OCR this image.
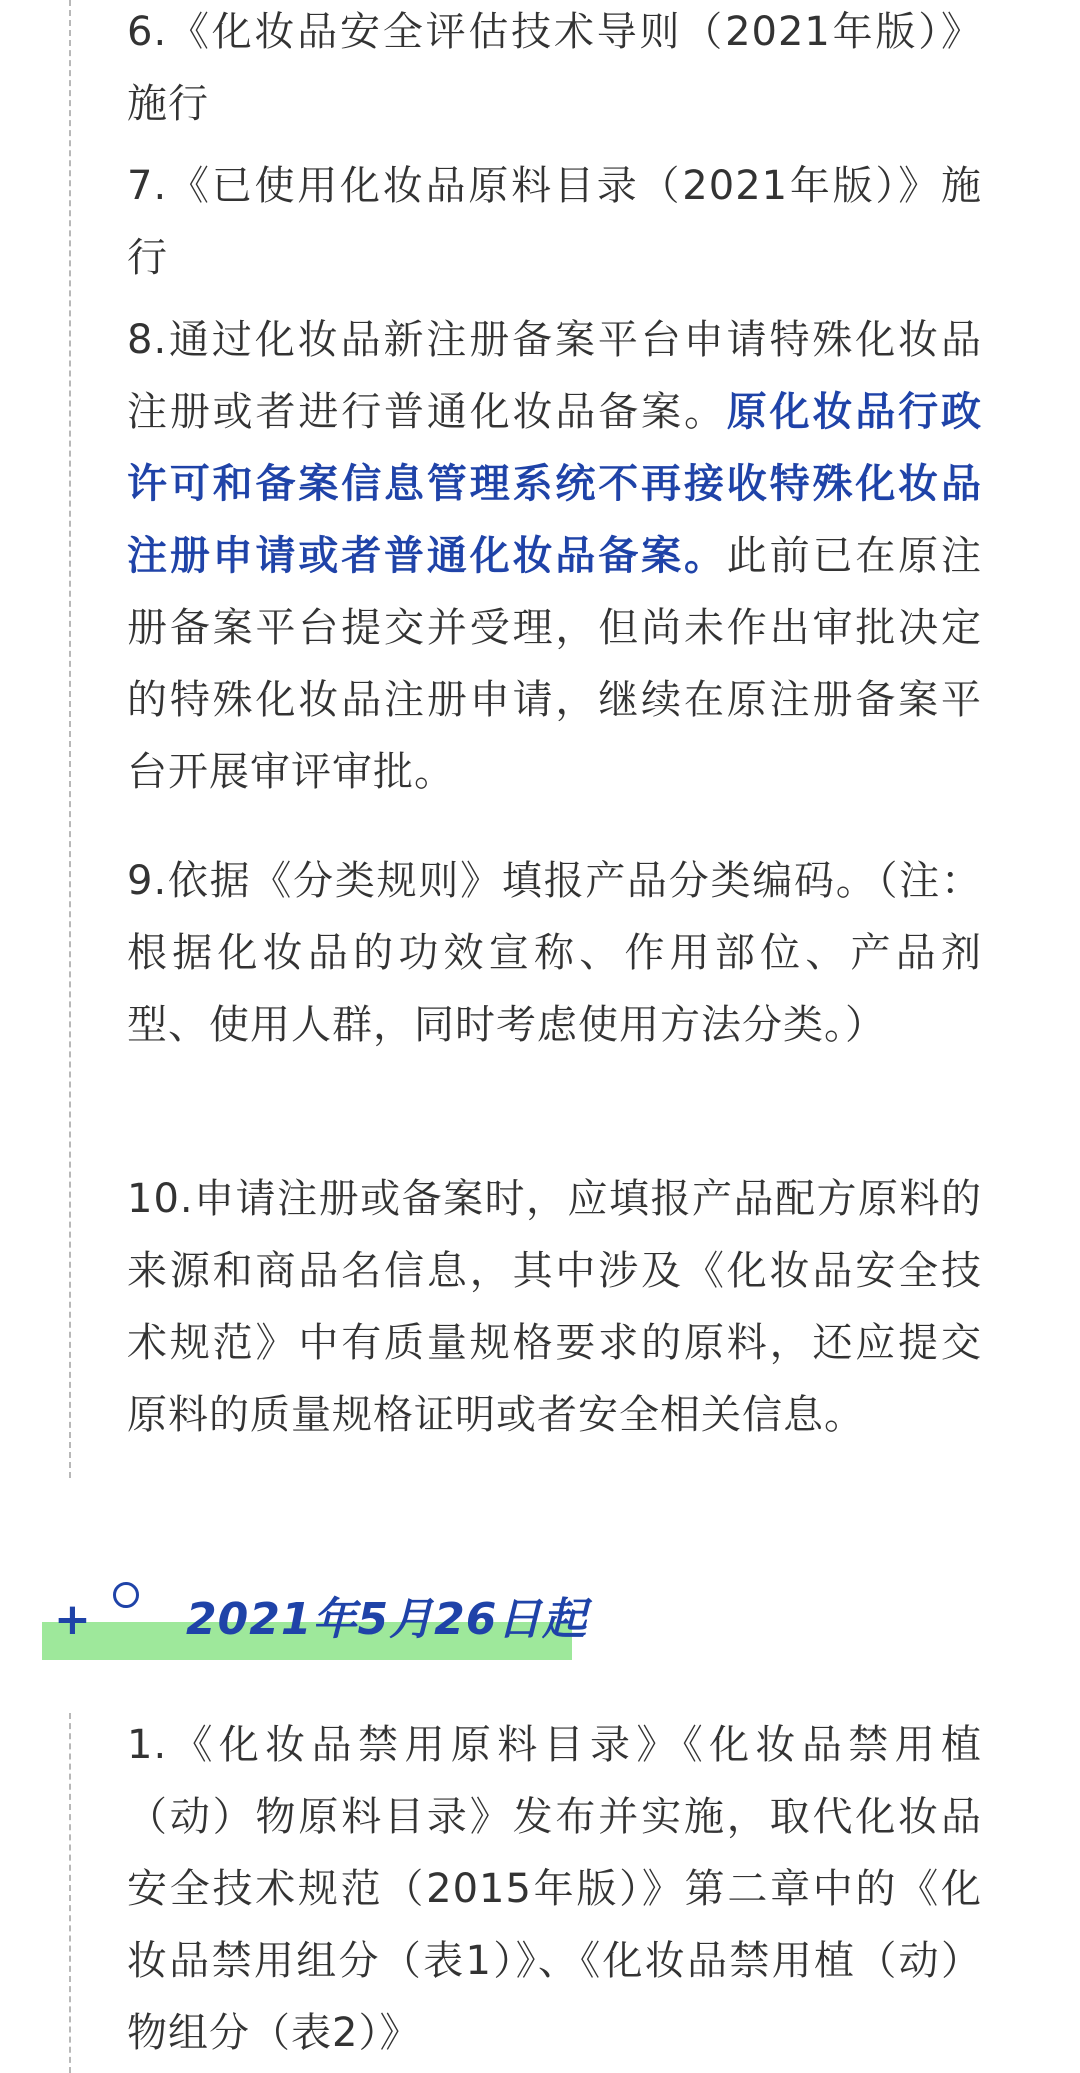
6.《化妆品安全评估技术导则（2021年版）》施行

7.《已使用化妆品原料目录（2021年版）》施行

8.通过化妆品新注册备案平台申请特殊化妆品注册或者进行普通化妆品备案。原化妆品行政许可和备案信息管理系统不再接收特殊化妆品注册申请或者普通化妆品备案。此前已在原注册备案平台提交并受理，但尚未作出审批决定的特殊化妆品注册申请，继续在原注册备案平台开展审评审批。

9.依据《分类规则》填报产品分类编码。（注：根据化妆品的功效宣称、作用部位、产品剂型、使用人群，同时考虑使用方法分类。）

10.申请注册或备案时，应填报产品配方原料的来源和商品名信息，其中涉及《化妆品安全技术规范》中有质量规格要求的原料，还应提交原料的质量规格证明或者安全相关信息。

+ 2021年5月26日起

1.《化妆品禁用原料目录》《化妆品禁用植（动）物原料目录》发布并实施，取代化妆品安全技术规范（2015年版）》第二章中的《化妆品禁用组分（表1）》、《化妆品禁用植（动）物组分（表2）》
